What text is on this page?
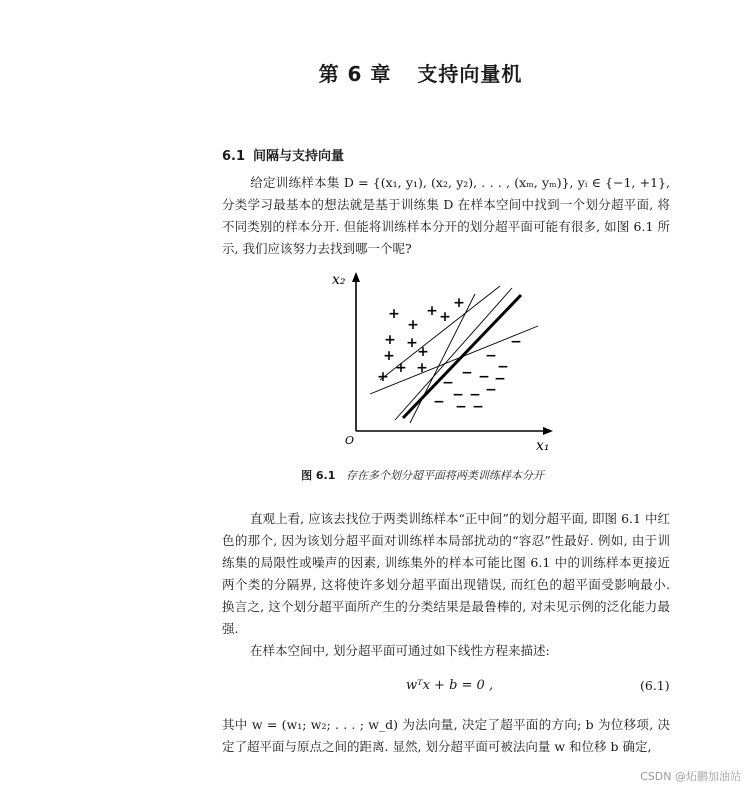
第 6 章 支持向量机
6.1 间隔与支持向量
给定训练样本集 D = {(x₁, y₁), (x₂, y₂), . . . , (xₘ, yₘ)}, yᵢ ∈ {−1, +1}, 分类学习最基本的想法就是基于训练集 D 在样本空间中找到一个划分超平面, 将不同类别的样本分开. 但能将训练样本分开的划分超平面可能有很多, 如图 6.1 所示, 我们应该努力去找到哪一个呢?
x₂
x₁
O
+
+
+ +
+
+ +
+ +
+ +
+
−
−
−
− − −
− −
− −
− − −
图 6.1 存在多个划分超平面将两类训练样本分开
直观上看, 应该去找位于两类训练样本“正中间”的划分超平面, 即图 6.1 中红色的那个, 因为该划分超平面对训练样本局部扰动的“容忍”性最好. 例如, 由于训练集的局限性或噪声的因素, 训练集外的样本可能比图 6.1 中的训练样本更接近两个类的分隔界, 这将使许多划分超平面出现错误, 而红色的超平面受影响最小. 换言之, 这个划分超平面所产生的分类结果是最鲁棒的, 对未见示例的泛化能力最强.
在样本空间中, 划分超平面可通过如下线性方程来描述:
wᵀx + b = 0 ,	(6.1)
其中 w = (w₁; w₂; . . . ; w_d) 为法向量, 决定了超平面的方向; b 为位移项, 决定了超平面与原点之间的距离. 显然, 划分超平面可被法向量 w 和位移 b 确定,
CSDN @炻鹏加油站
